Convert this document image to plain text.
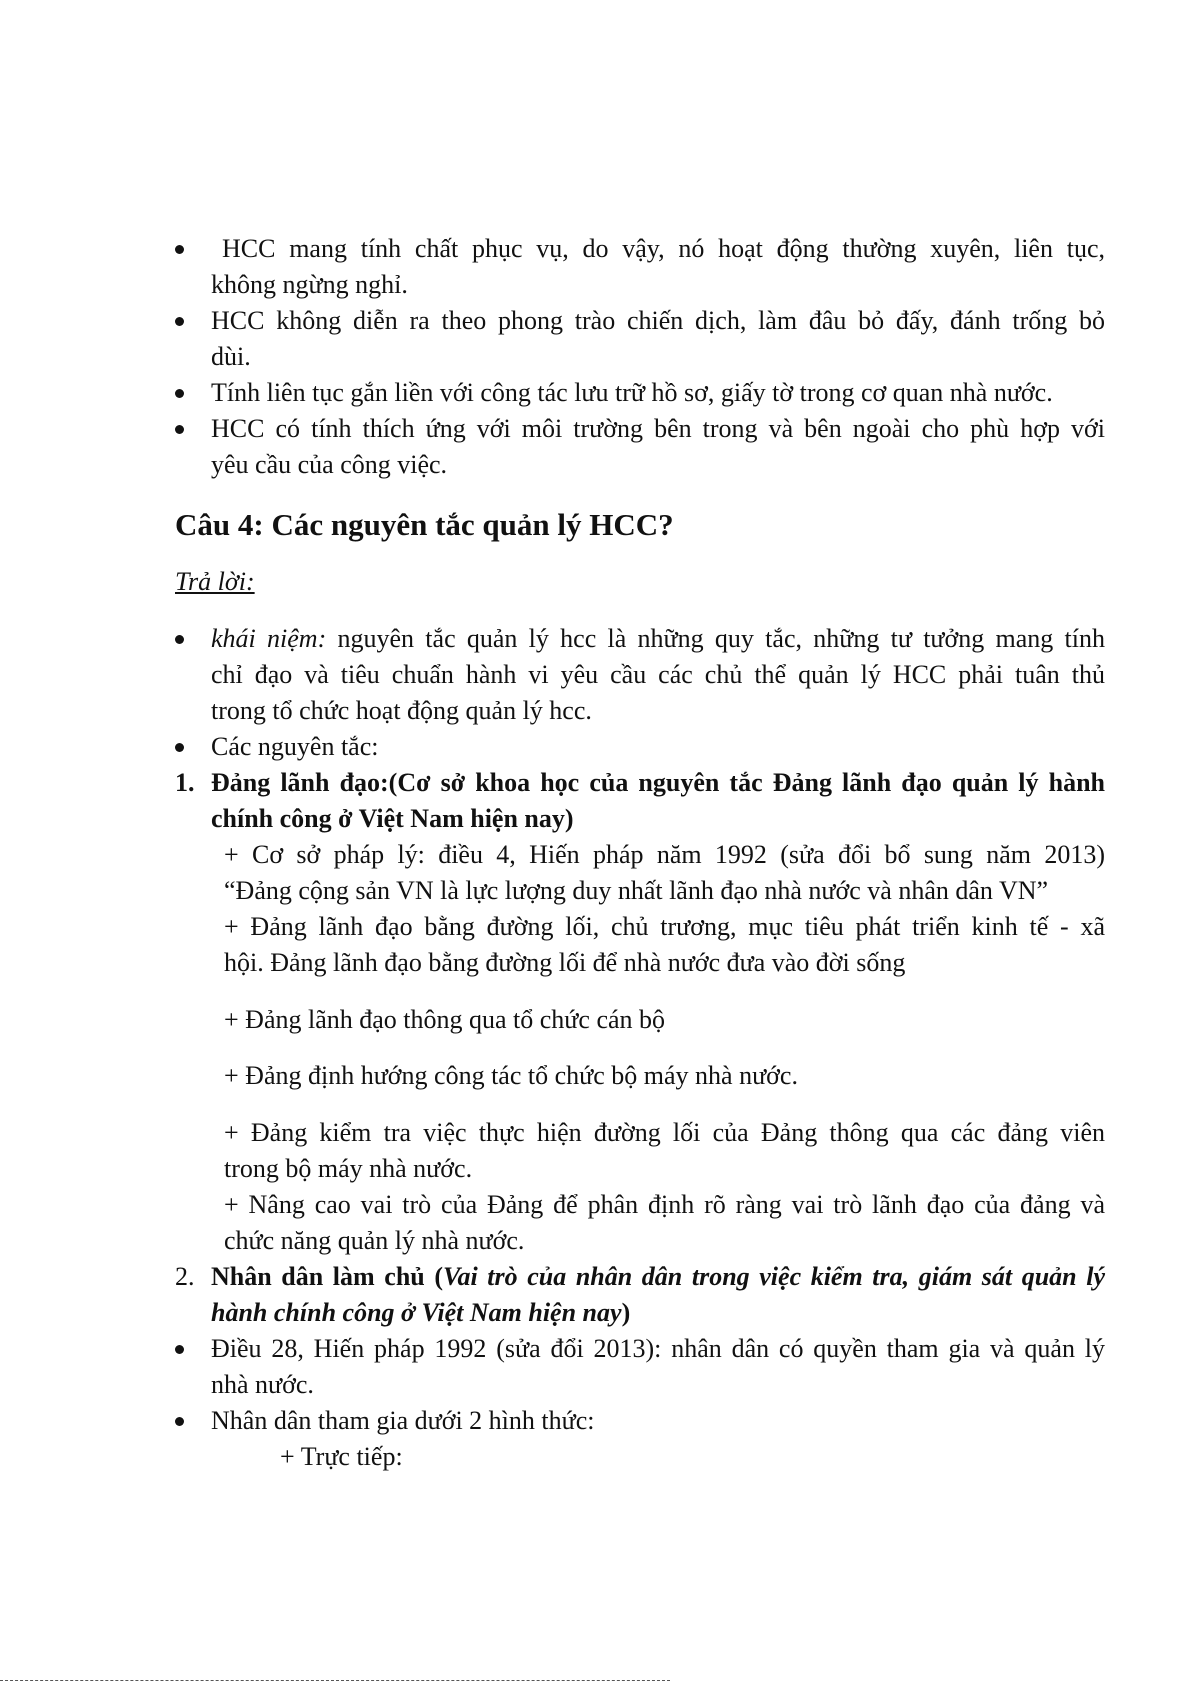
HCC mang tính chất phục vụ, do vậy, nó hoạt động thường xuyên, liên tục,
không ngừng nghỉ.
HCC không diễn ra theo phong trào chiến dịch, làm đâu bỏ đấy, đánh trống bỏ
dùi.
Tính liên tục gắn liền với công tác lưu trữ hồ sơ, giấy tờ trong cơ quan nhà nước.
HCC có tính thích ứng với môi trường bên trong và bên ngoài cho phù hợp với
yêu cầu của công việc.
Câu 4: Các nguyên tắc quản lý HCC?
Trả lời:
khái niệm: nguyên tắc quản lý hcc là những quy tắc, những tư tưởng mang tính
chỉ đạo và tiêu chuẩn hành vi yêu cầu các chủ thể quản lý HCC phải tuân thủ
trong tổ chức hoạt động quản lý hcc.
Các nguyên tắc:
1. Đảng lãnh đạo:(Cơ sở khoa học của nguyên tắc Đảng lãnh đạo quản lý hành
chính công ở Việt Nam hiện nay)
+ Cơ sở pháp lý: điều 4, Hiến pháp năm 1992 (sửa đổi bổ sung năm 2013)
“Đảng cộng sản VN là lực lượng duy nhất lãnh đạo nhà nước và nhân dân VN”
+ Đảng lãnh đạo bằng đường lối, chủ trương, mục tiêu phát triển kinh tế - xã
hội. Đảng lãnh đạo bằng đường lối để nhà nước đưa vào đời sống
+ Đảng lãnh đạo thông qua tổ chức cán bộ
+ Đảng định hướng công tác tổ chức bộ máy nhà nước.
+ Đảng kiểm tra việc thực hiện đường lối của Đảng thông qua các đảng viên
trong bộ máy nhà nước.
+ Nâng cao vai trò của Đảng để phân định rõ ràng vai trò lãnh đạo của đảng và
chức năng quản lý nhà nước.
2. Nhân dân làm chủ (Vai trò của nhân dân trong việc kiểm tra, giám sát quản lý
hành chính công ở Việt Nam hiện nay)
Điều 28, Hiến pháp 1992 (sửa đổi 2013): nhân dân có quyền tham gia và quản lý
nhà nước.
Nhân dân tham gia dưới 2 hình thức:
+ Trực tiếp:
